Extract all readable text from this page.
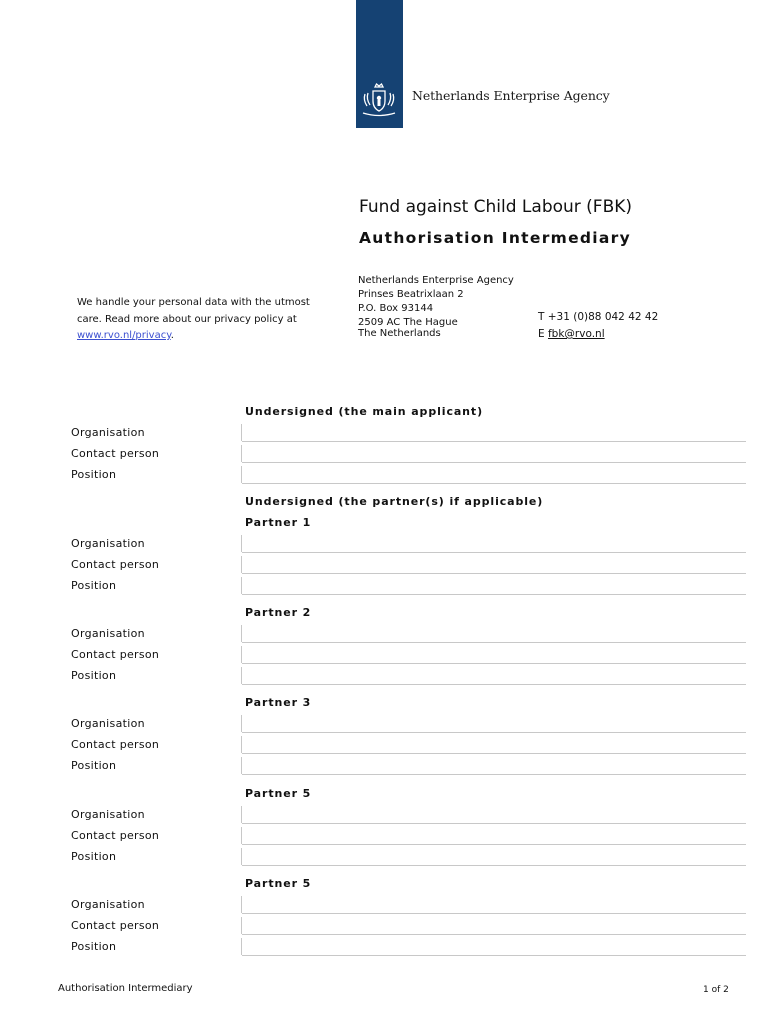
Netherlands Enterprise Agency
Fund against Child Labour (FBK)
Authorisation Intermediary
Netherlands Enterprise Agency
Prinses Beatrixlaan 2
P.O. Box 93144
2509 AC The Hague
The Netherlands
T +31 (0)88 042 42 42
E fbk@rvo.nl
We handle your personal data with the utmost care. Read more about our privacy policy at www.rvo.nl/privacy.
Undersigned (the main applicant)
Organisation
Contact person
Position
Undersigned (the partner(s) if applicable)
Partner 1
Organisation
Contact person
Position
Partner 2
Organisation
Contact person
Position
Partner 3
Organisation
Contact person
Position
Partner 5
Organisation
Contact person
Position
Partner 5
Organisation
Contact person
Position
Authorisation Intermediary	1 of 2
